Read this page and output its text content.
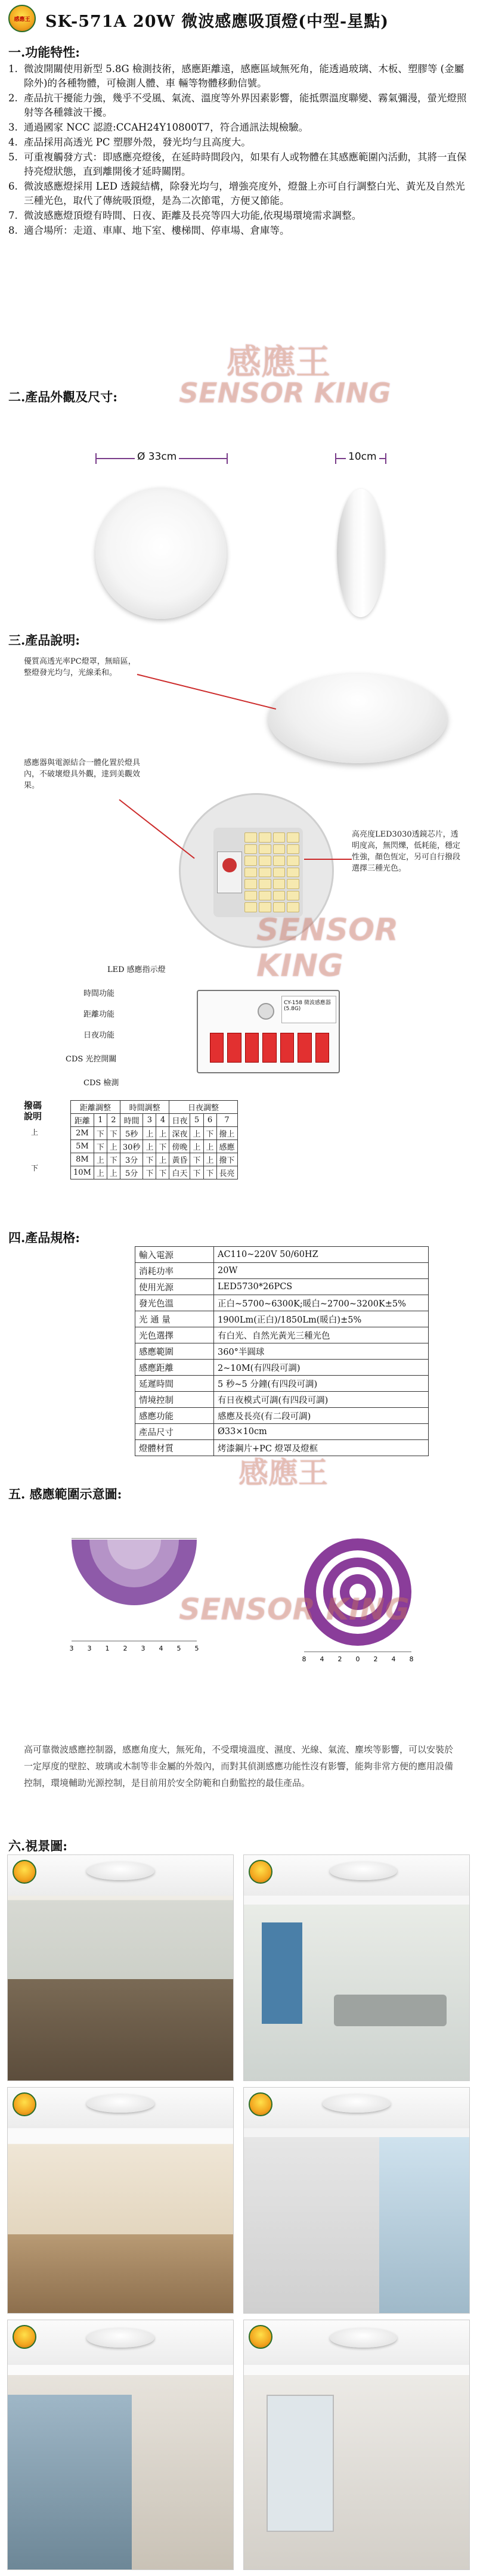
感應王 SK-571A 20W 微波感應吸頂燈(中型-星點)
一.功能特性:
1. 微波開關使用新型 5.8G 檢測技術，感應距離遠，感應區域無死角，能透過玻璃、木板、塑膠等 (金屬除外)的各種物體，可檢測人體、車 輛等物體移動信號。
2. 產品抗干擾能力強，幾乎不受風、氣流、溫度等外界因素影響，能抵禦溫度聯變、霧氣彌漫，螢光燈照射等各種雜波干擾。
3. 通過國家 NCC 認證:CCAH24Y10800T7，符合通訊法規檢驗。
4. 產品採用高透光 PC 塑膠外殼，發光均勻且高度大。
5. 可重複觸發方式：即感應亮燈後，在延時時間段內，如果有人或物體在其感應範圍內活動，其將一直保持亮燈狀態，直到離開後才延時關閉。
6. 微波感應燈採用 LED 透鏡結構，除發光均勻，增強亮度外，燈盤上亦可自行調整白光、黃光及自然光三種光色，取代了傳統吸頂燈，是為二次節電，方便又節能。
7. 微波感應燈頂燈有時間、日夜、距離及長亮等四大功能,依現場環境需求調整。
8. 適合場所：走道、車庫、地下室、樓梯間、停車場、倉庫等。
感應王
SENSOR KING
二.產品外觀及尺寸:
Ø 33cm	10cm
三.產品說明:
優質高透光率PC燈罩，無暗區，整燈發光均勻，光線柔和。
感應器與電源結合一體化置於燈具內，不破壞燈具外觀，達到美觀效果。
高亮度LED3030透鏡芯片，透明度高，無閃爍，低耗能，穩定性強，顏色恆定，另可自行撥段選擇三種光色。
SENSOR KING
LED 感應指示燈
時間功能
距離功能
日夜功能
CDS 光控開關
CDS 檢測
CY-158 微波感應器(5.8G)
撥碼
說明
上
下
距離調整			時間調整			日夜調整			
距離	1	2	時間	3	4	日夜	5	6	7
2M	下	下	5秒	上	上	深夜	上	下	撥上
5M	下	上	30秒	上	下	傍晚	上	上	感應
8M	上	下	3分	下	上	黃昏	下	上	撥下
10M	上	上	5分	下	下	白天	下	下	長亮
四.產品規格:
輸入電源	AC110~220V 50/60HZ
消耗功率	20W
使用光源	LED5730*26PCS
發光色溫	正白~5700~6300K;暖白~2700~3200K±5%
光 通 量	1900Lm(正白)/1850Lm(暖白)±5%
光色選擇	有白光、自然光黃光三種光色
感應範圍	360°半圓球
感應距離	2~10M(有四段可調)
延遲時間	5 秒~5 分鐘(有四段可調)
情境控制	有日夜模式可調(有四段可調)
感應功能	感應及長亮(有二段可調)
產品尺寸	Ø33×10cm
燈體材質	烤漆鋼片+PC 燈罩及燈框
感應王
五. 感應範圍示意圖:
3 3 1 2 3 4 5 5
8 4 2 0 2 4 8
SENSOR KING
高可靠微波感應控制器，感應角度大，無死角，不受環境溫度、濕度、光線、氣流、塵埃等影響，可以安裝於一定厚度的壁腔、玻璃或木制等非金屬的外殼內，而對其偵測感應功能性沒有影響，能夠非常方便的應用設備控制，環境輔助光源控制，是目前用於安全防範和自動監控的最佳產品。
六.視景圖:
